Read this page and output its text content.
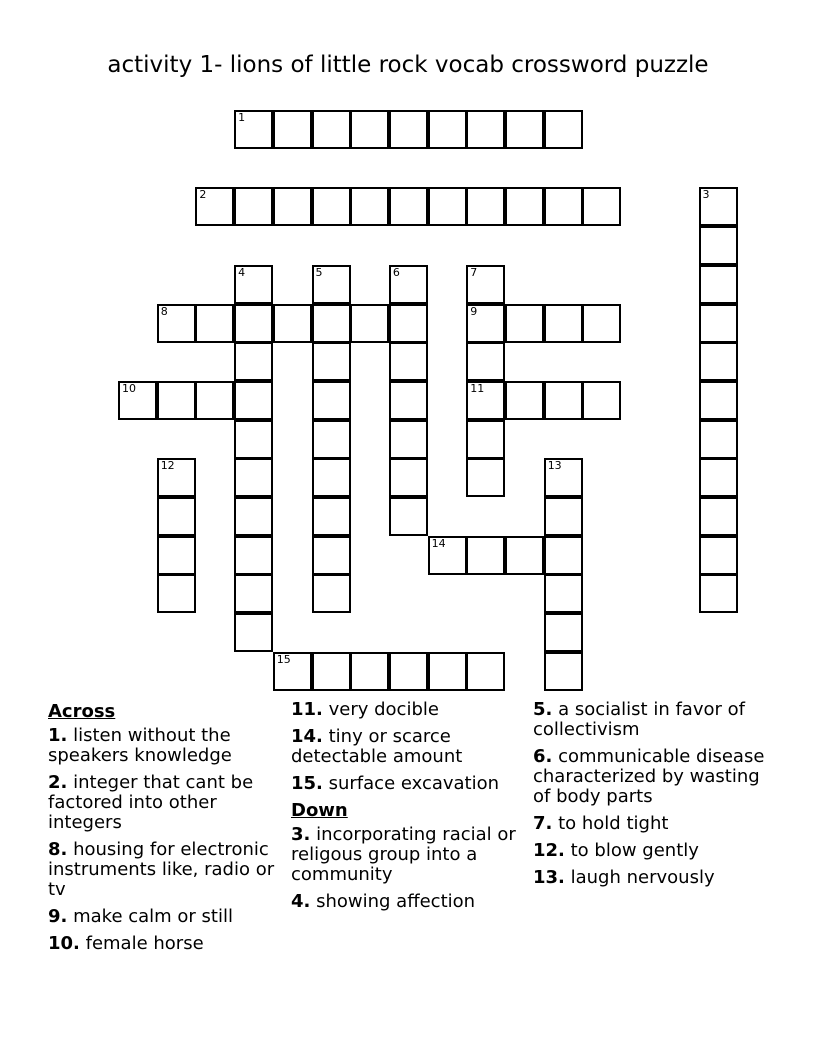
activity 1- lions of little rock vocab crossword puzzle
1
2	3
4	5	6	7
9
11
8
10
12	13
14
15
Across
1. listen without the speakers knowledge
2. integer that cant be factored into other integers
8. housing for electronic instruments like, radio or tv
9. make calm or still
10. female horse
11. very docible
14. tiny or scarce detectable amount
15. surface excavation
Down
3. incorporating racial or religous group into a community
4. showing affection
5. a socialist in favor of collectivism
6. communicable disease characterized by wasting of body parts
7. to hold tight
12. to blow gently
13. laugh nervously
